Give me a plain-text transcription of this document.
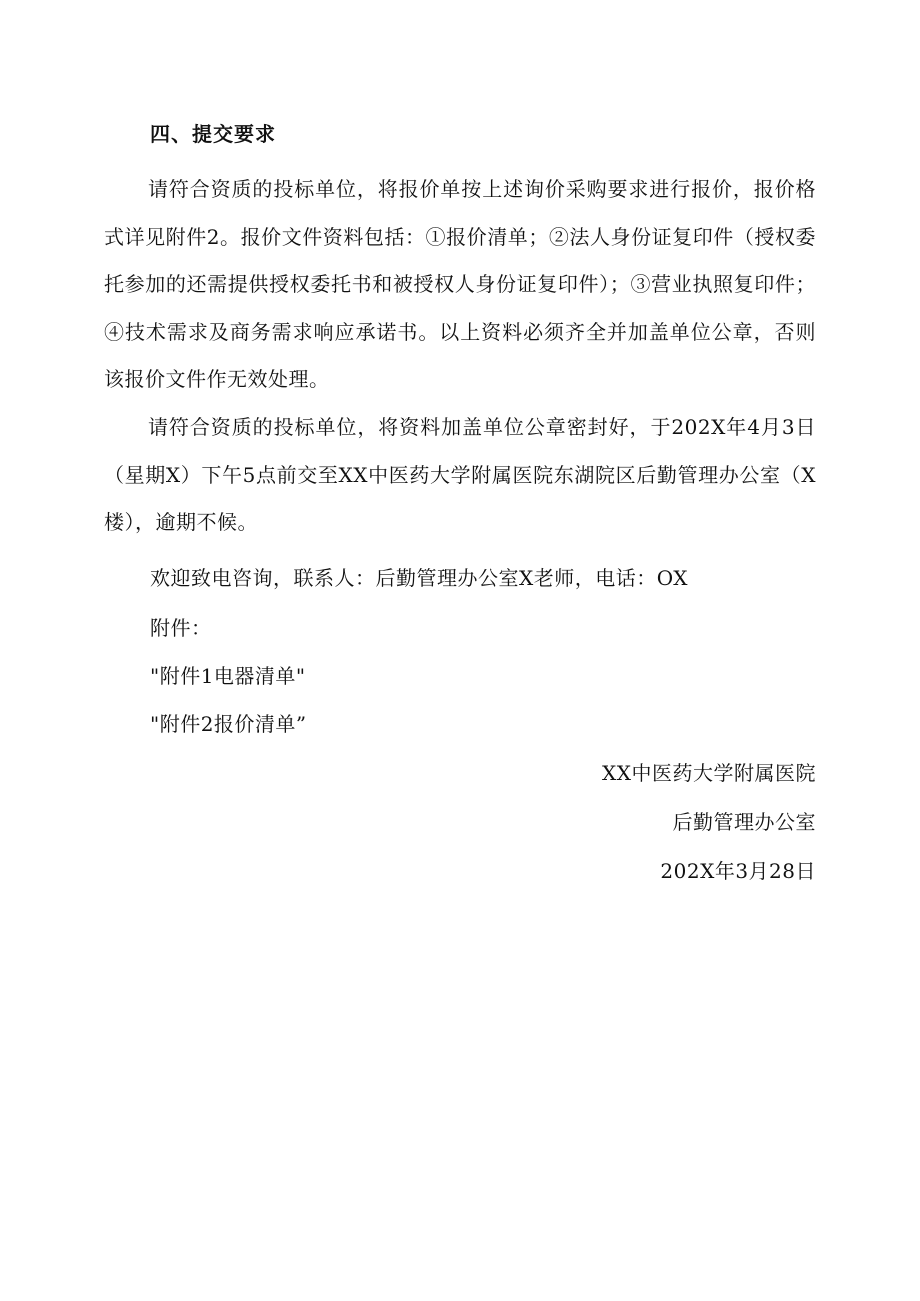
四、提交要求
请符合资质的投标单位，将报价单按上述询价采购要求进行报价，报价格式详见附件2。报价文件资料包括：①报价清单；②法人身份证复印件（授权委托参加的还需提供授权委托书和被授权人身份证复印件）；③营业执照复印件；④技术需求及商务需求响应承诺书。以上资料必须齐全并加盖单位公章，否则该报价文件作无效处理。
请符合资质的投标单位，将资料加盖单位公章密封好，于202X年4月3日（星期X）下午5点前交至XX中医药大学附属医院东湖院区后勤管理办公室（X楼），逾期不候。
欢迎致电咨询，联系人：后勤管理办公室X老师，电话：OX
附件：
"附件1电器清单"
"附件2报价清单”
XX中医药大学附属医院
后勤管理办公室
202X年3月28日
